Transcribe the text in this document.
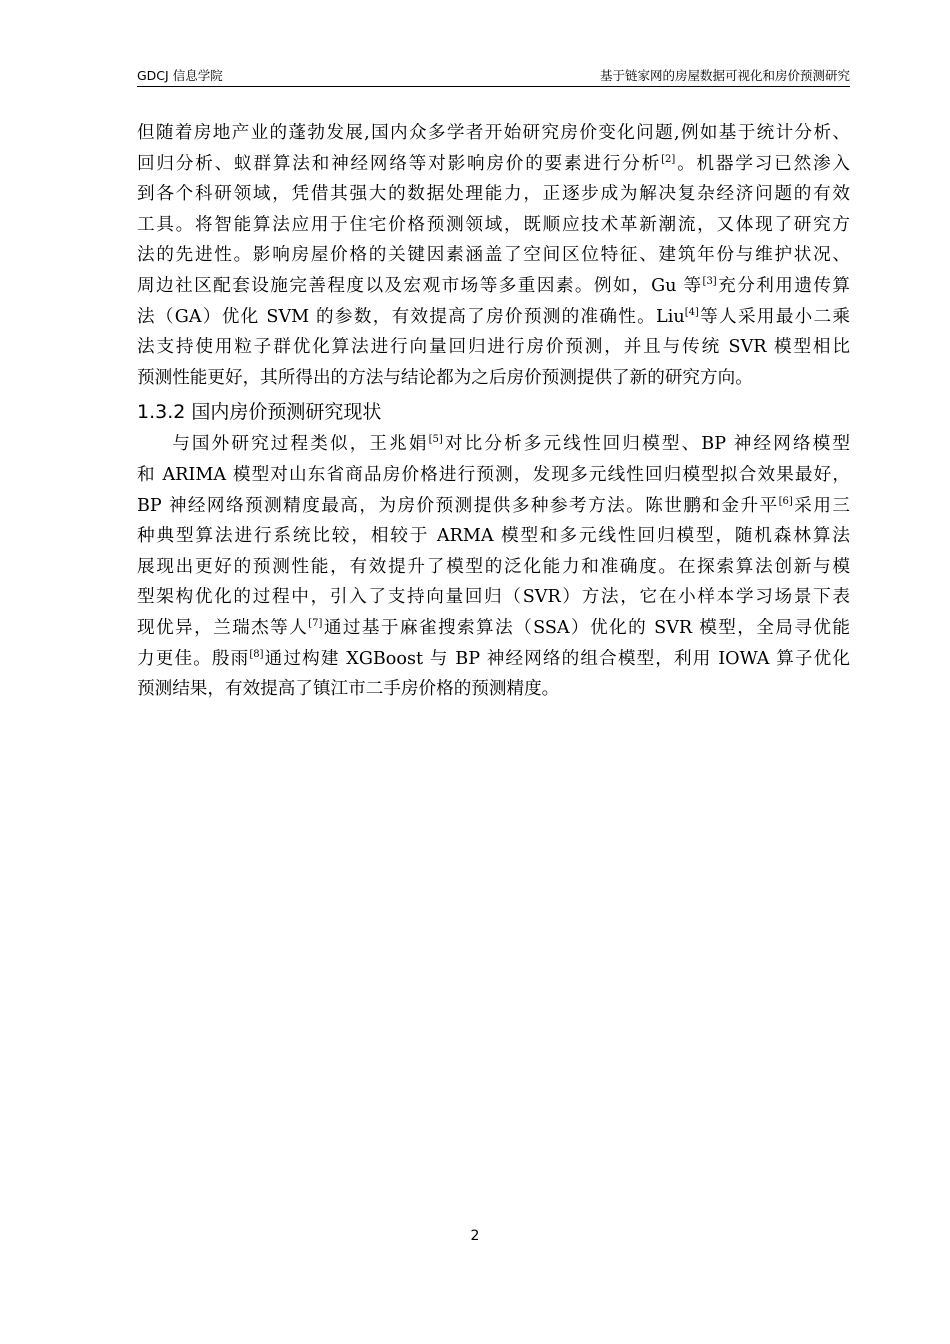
GDCJ 信息学院	基于链家网的房屋数据可视化和房价预测研究

但随着房地产业的蓬勃发展,国内众多学者开始研究房价变化问题,例如基于统计分析、
回归分析、蚁群算法和神经网络等对影响房价的要素进行分析[2]。机器学习已然渗入
到各个科研领域，凭借其强大的数据处理能力，正逐步成为解决复杂经济问题的有效
工具。将智能算法应用于住宅价格预测领域，既顺应技术革新潮流，又体现了研究方
法的先进性。影响房屋价格的关键因素涵盖了空间区位特征、建筑年份与维护状况、
周边社区配套设施完善程度以及宏观市场等多重因素。例如，Gu 等[3]充分利用遗传算
法（GA）优化 SVM 的参数，有效提高了房价预测的准确性。Liu[4]等人采用最小二乘
法支持使用粒子群优化算法进行向量回归进行房价预测，并且与传统 SVR 模型相比
预测性能更好，其所得出的方法与结论都为之后房价预测提供了新的研究方向。

1.3.2 国内房价预测研究现状

与国外研究过程类似，王兆娟[5]对比分析多元线性回归模型、BP 神经网络模型
和 ARIMA 模型对山东省商品房价格进行预测，发现多元线性回归模型拟合效果最好，
BP 神经网络预测精度最高，为房价预测提供多种参考方法。陈世鹏和金升平[6]采用三
种典型算法进行系统比较，相较于 ARMA 模型和多元线性回归模型，随机森林算法
展现出更好的预测性能，有效提升了模型的泛化能力和准确度。在探索算法创新与模
型架构优化的过程中，引入了支持向量回归（SVR）方法，它在小样本学习场景下表
现优异，兰瑞杰等人[7]通过基于麻雀搜索算法（SSA）优化的 SVR 模型，全局寻优能
力更佳。殷雨[8]通过构建 XGBoost 与 BP 神经网络的组合模型，利用 IOWA 算子优化
预测结果，有效提高了镇江市二手房价格的预测精度。

2
